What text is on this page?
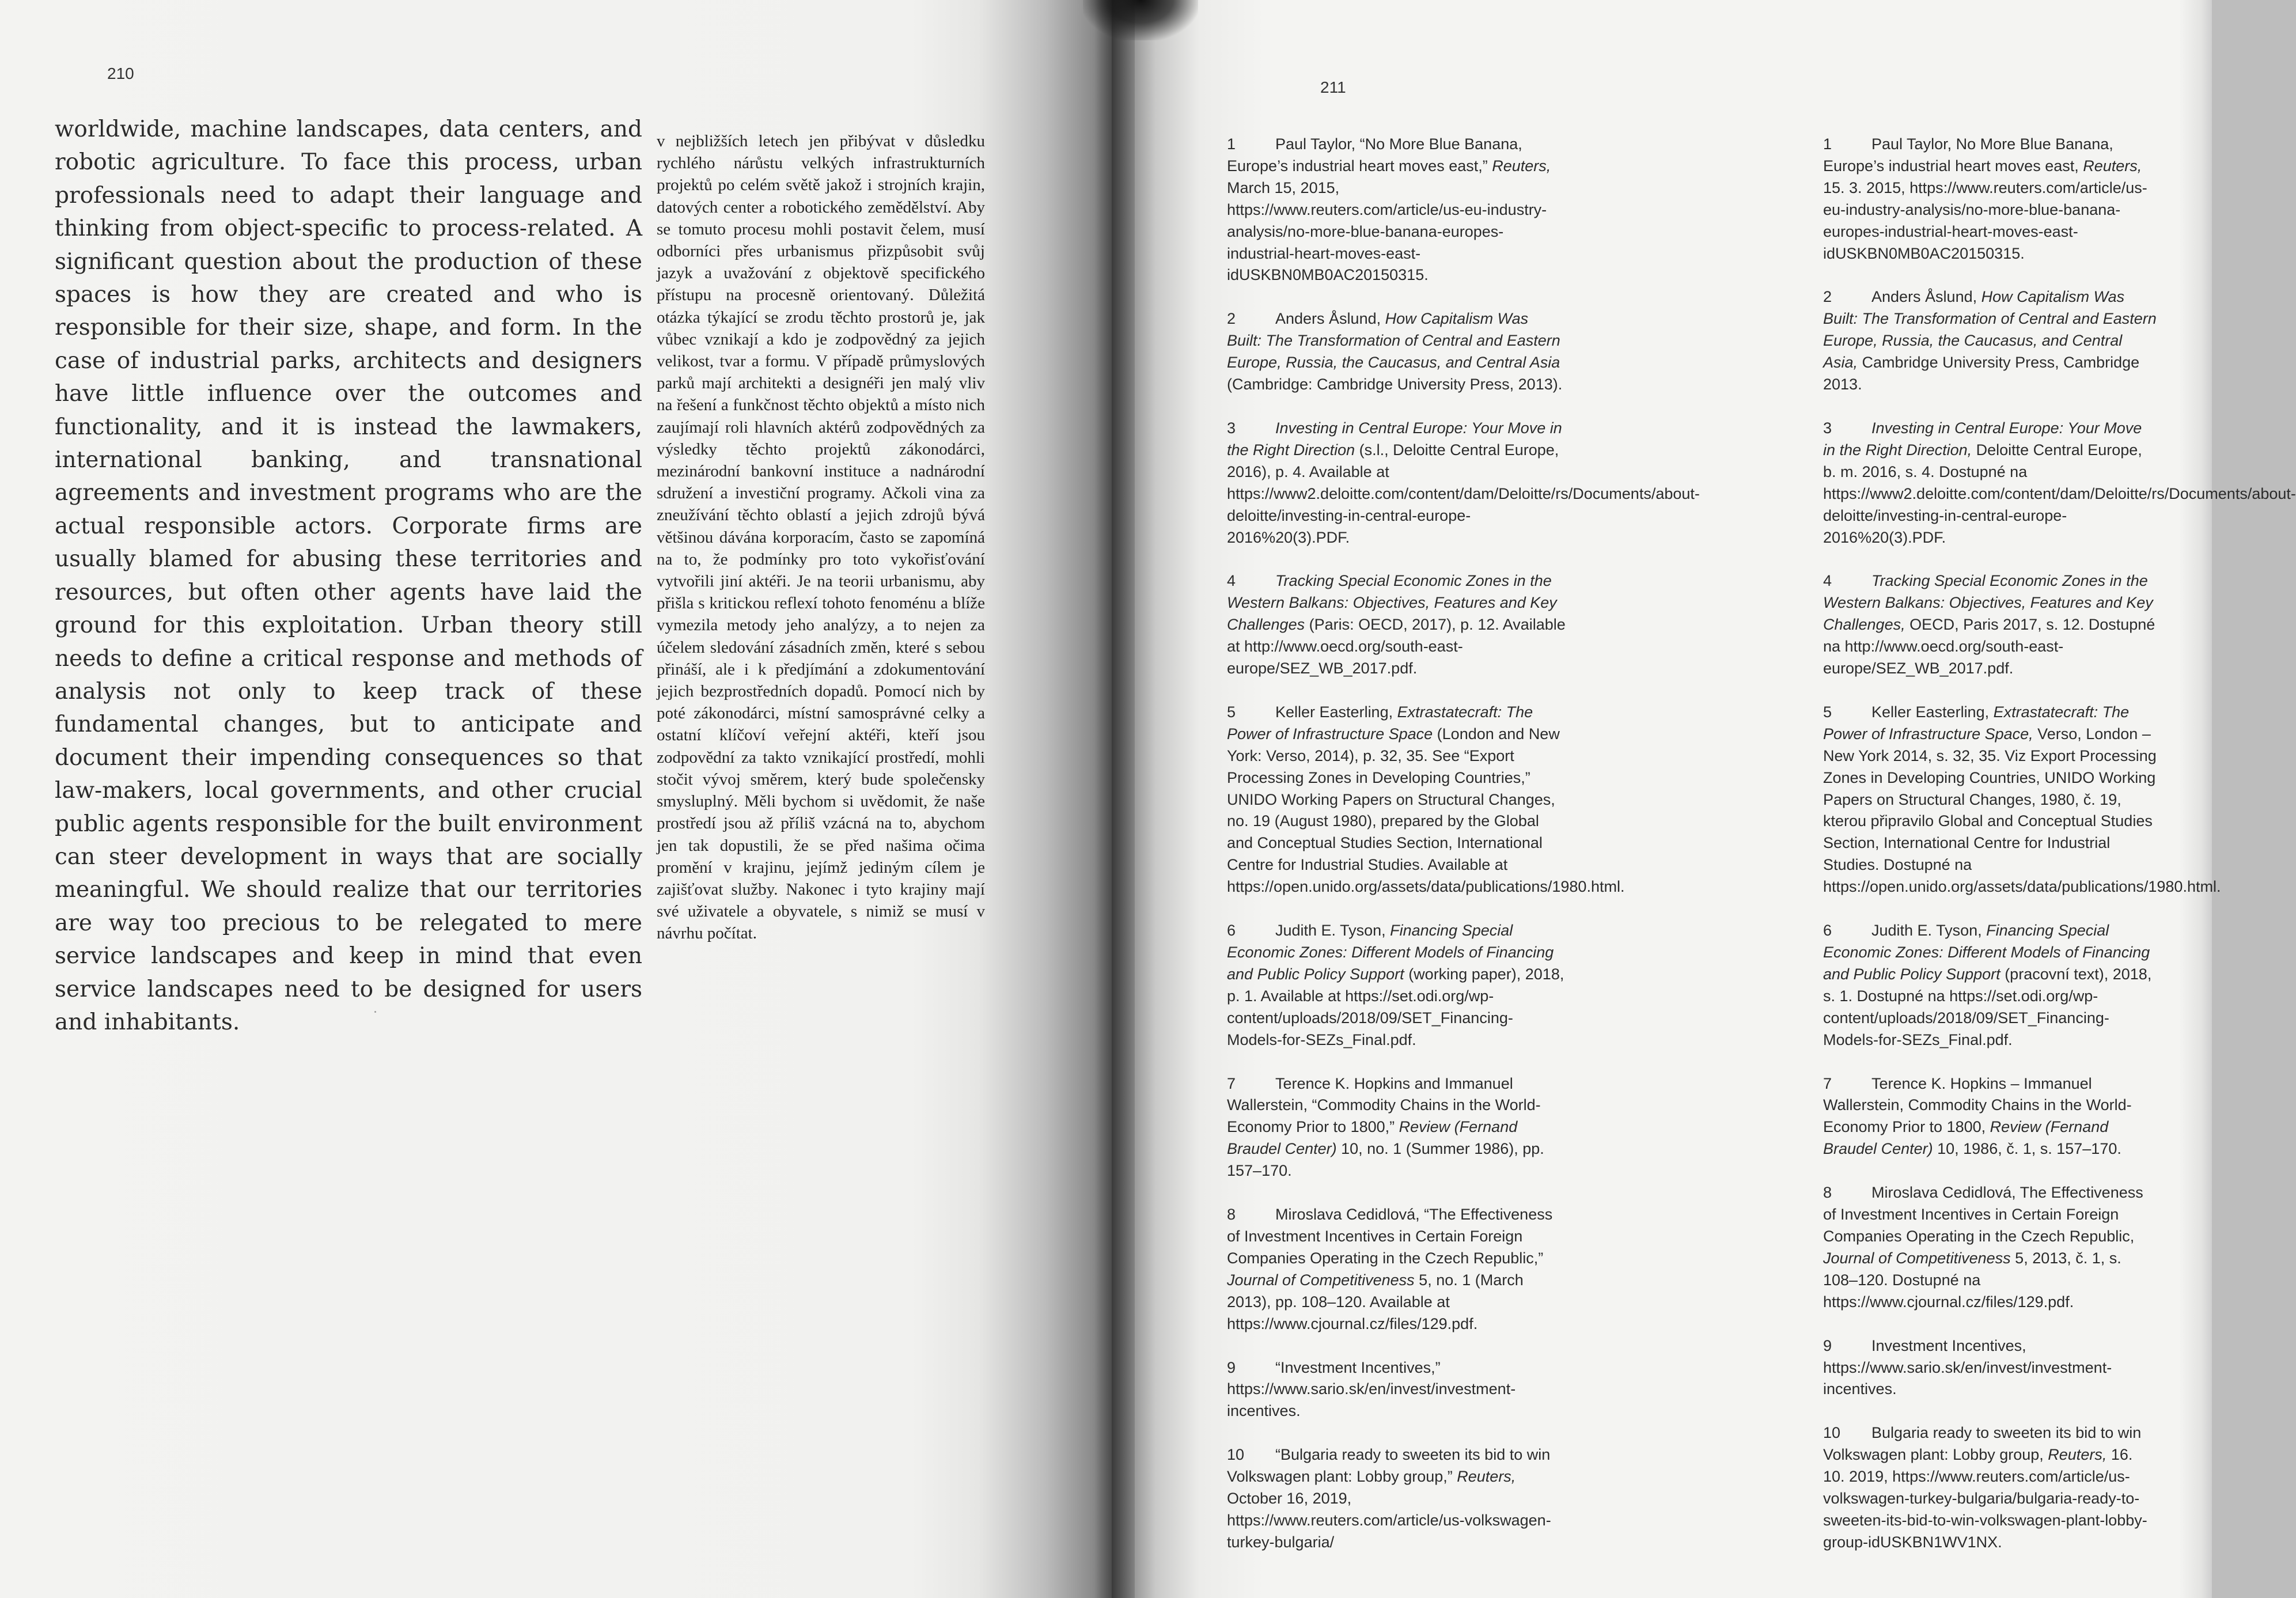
210

worldwide, machine landscapes, data centers, and robotic agriculture. To face this process, urban professionals need to adapt their language and thinking from object-specific to process-related. A significant question about the production of these spaces is how they are created and who is responsible for their size, shape, and form. In the case of industrial parks, architects and designers have little influence over the outcomes and functionality, and it is instead the lawmakers, international banking, and transnational agreements and investment programs who are the actual responsible actors. Corporate firms are usually blamed for abusing these territories and resources, but often other agents have laid the ground for this exploitation. Urban theory still needs to define a critical response and methods of analysis not only to keep track of these fundamental changes, but to anticipate and document their impending consequences so that law-makers, local governments, and other crucial public agents responsible for the built environment can steer development in ways that are socially meaningful. We should realize that our territories are way too precious to be relegated to mere service landscapes and keep in mind that even service landscapes need to be designed for users and inhabitants.

v nejbližších letech jen přibývat v důsledku rychlého nárůstu velkých infrastrukturních projektů po celém světě jakož i strojních krajin, datových center a robotického zemědělství. Aby se tomuto procesu mohli postavit čelem, musí odborníci přes urbanismus přizpůsobit svůj jazyk a uvažování z objektově specifického přístupu na procesně orientovaný. Důležitá otázka týkající se zrodu těchto prostorů je, jak vůbec vznikají a kdo je zodpovědný za jejich velikost, tvar a formu. V případě průmyslových parků mají architekti a designéři jen malý vliv na řešení a funkčnost těchto objektů a místo nich zaujímají roli hlavních aktérů zodpovědných za výsledky těchto projektů zákonodárci, mezinárodní bankovní instituce a nadnárodní sdružení a investiční programy. Ačkoli vina za zneužívání těchto oblastí a jejich zdrojů bývá většinou dávána korporacím, často se zapomíná na to, že podmínky pro toto vykořisťování vytvořili jiní aktéři. Je na teorii urbanismu, aby přišla s kritickou reflexí tohoto fenoménu a blíže vymezila metody jeho analýzy, a to nejen za účelem sledování zásadních změn, které s sebou přináší, ale i k předjímání a zdokumentování jejich bezprostředních dopadů. Pomocí nich by poté zákonodárci, místní samosprávné celky a ostatní klíčoví veřejní aktéři, kteří jsou zodpovědní za takto vznikající prostředí, mohli stočit vývoj směrem, který bude společensky smysluplný. Měli bychom si uvědomit, že naše prostředí jsou až příliš vzácná na to, abychom jen tak dopustili, že se před našima očima promění v krajinu, jejímž jediným cílem je zajišťovat služby. Nakonec i tyto krajiny mají své uživatele a obyvatele, s nimiž se musí v návrhu počítat.

211

1	Paul Taylor, “No More Blue Banana, Europe’s industrial heart moves east,” Reuters, March 15, 2015, https://www.reuters.com/article/us-eu-industry-analysis/no-more-blue-banana-europes-industrial-heart-moves-east-idUSKBN0MB0AC20150315.

2	Anders Åslund, How Capitalism Was Built: The Transformation of Central and Eastern Europe, Russia, the Caucasus, and Central Asia (Cambridge: Cambridge University Press, 2013).

3	Investing in Central Europe: Your Move in the Right Direction (s.l., Deloitte Central Europe, 2016), p. 4. Available at https://www2.deloitte.com/content/dam/Deloitte/rs/Documents/about-deloitte/investing-in-central-europe-2016%20(3).PDF.

4	Tracking Special Economic Zones in the Western Balkans: Objectives, Features and Key Challenges (Paris: OECD, 2017), p. 12. Available at http://www.oecd.org/south-east-europe/SEZ_WB_2017.pdf.

5	Keller Easterling, Extrastatecraft: The Power of Infrastructure Space (London and New York: Verso, 2014), p. 32, 35. See “Export Processing Zones in Developing Countries,” UNIDO Working Papers on Structural Changes, no. 19 (August 1980), prepared by the Global and Conceptual Studies Section, International Centre for Industrial Studies. Available at https://open.unido.org/assets/data/publications/1980.html.

6	Judith E. Tyson, Financing Special Economic Zones: Different Models of Financing and Public Policy Support (working paper), 2018, p. 1. Available at https://set.odi.org/wp-content/uploads/2018/09/SET_Financing-Models-for-SEZs_Final.pdf.

7	Terence K. Hopkins and Immanuel Wallerstein, “Commodity Chains in the World-Economy Prior to 1800,” Review (Fernand Braudel Center) 10, no. 1 (Summer 1986), pp. 157–170.

8	Miroslava Cedidlová, “The Effectiveness of Investment Incentives in Certain Foreign Companies Operating in the Czech Republic,” Journal of Competitiveness 5, no. 1 (March 2013), pp. 108–120. Available at https://www.cjournal.cz/files/129.pdf.

9	“Investment Incentives,” https://www.sario.sk/en/invest/investment-incentives.

10 “Bulgaria ready to sweeten its bid to win Volkswagen plant: Lobby group,” Reuters, October 16, 2019, https://www.reuters.com/article/us-volkswagen-turkey-bulgaria/

1	Paul Taylor, No More Blue Banana, Europe’s industrial heart moves east, Reuters, 15. 3. 2015, https://www.reuters.com/article/us-eu-industry-analysis/no-more-blue-banana-europes-industrial-heart-moves-east-idUSKBN0MB0AC20150315.

2	Anders Åslund, How Capitalism Was Built: The Transformation of Central and Eastern Europe, Russia, the Caucasus, and Central Asia, Cambridge University Press, Cambridge 2013.

3	Investing in Central Europe: Your Move in the Right Direction, Deloitte Central Europe, b. m. 2016, s. 4. Dostupné na https://www2.deloitte.com/content/dam/Deloitte/rs/Documents/about-deloitte/investing-in-central-europe-2016%20(3).PDF.

4	Tracking Special Economic Zones in the Western Balkans: Objectives, Features and Key Challenges, OECD, Paris 2017, s. 12. Dostupné na http://www.oecd.org/south-east-europe/SEZ_WB_2017.pdf.

5	Keller Easterling, Extrastatecraft: The Power of Infrastructure Space, Verso, London – New York 2014, s. 32, 35. Viz Export Processing Zones in Developing Countries, UNIDO Working Papers on Structural Changes, 1980, č. 19, kterou připravilo Global and Conceptual Studies Section, International Centre for Industrial Studies. Dostupné na https://open.unido.org/assets/data/publications/1980.html.

6	Judith E. Tyson, Financing Special Economic Zones: Different Models of Financing and Public Policy Support (pracovní text), 2018, s. 1. Dostupné na https://set.odi.org/wp-content/uploads/2018/09/SET_Financing-Models-for-SEZs_Final.pdf.

7	Terence K. Hopkins – Immanuel Wallerstein, Commodity Chains in the World-Economy Prior to 1800, Review (Fernand Braudel Center) 10, 1986, č. 1, s. 157–170.

8	Miroslava Cedidlová, The Effectiveness of Investment Incentives in Certain Foreign Companies Operating in the Czech Republic, Journal of Competitiveness 5, 2013, č. 1, s. 108–120. Dostupné na https://www.cjournal.cz/files/129.pdf.

9	Investment Incentives, https://www.sario.sk/en/invest/investment-incentives.

10 Bulgaria ready to sweeten its bid to win Volkswagen plant: Lobby group, Reuters, 16. 10. 2019, https://www.reuters.com/article/us-volkswagen-turkey-bulgaria/bulgaria-ready-to-sweeten-its-bid-to-win-volkswagen-plant-lobby-group-idUSKBN1WV1NX.
